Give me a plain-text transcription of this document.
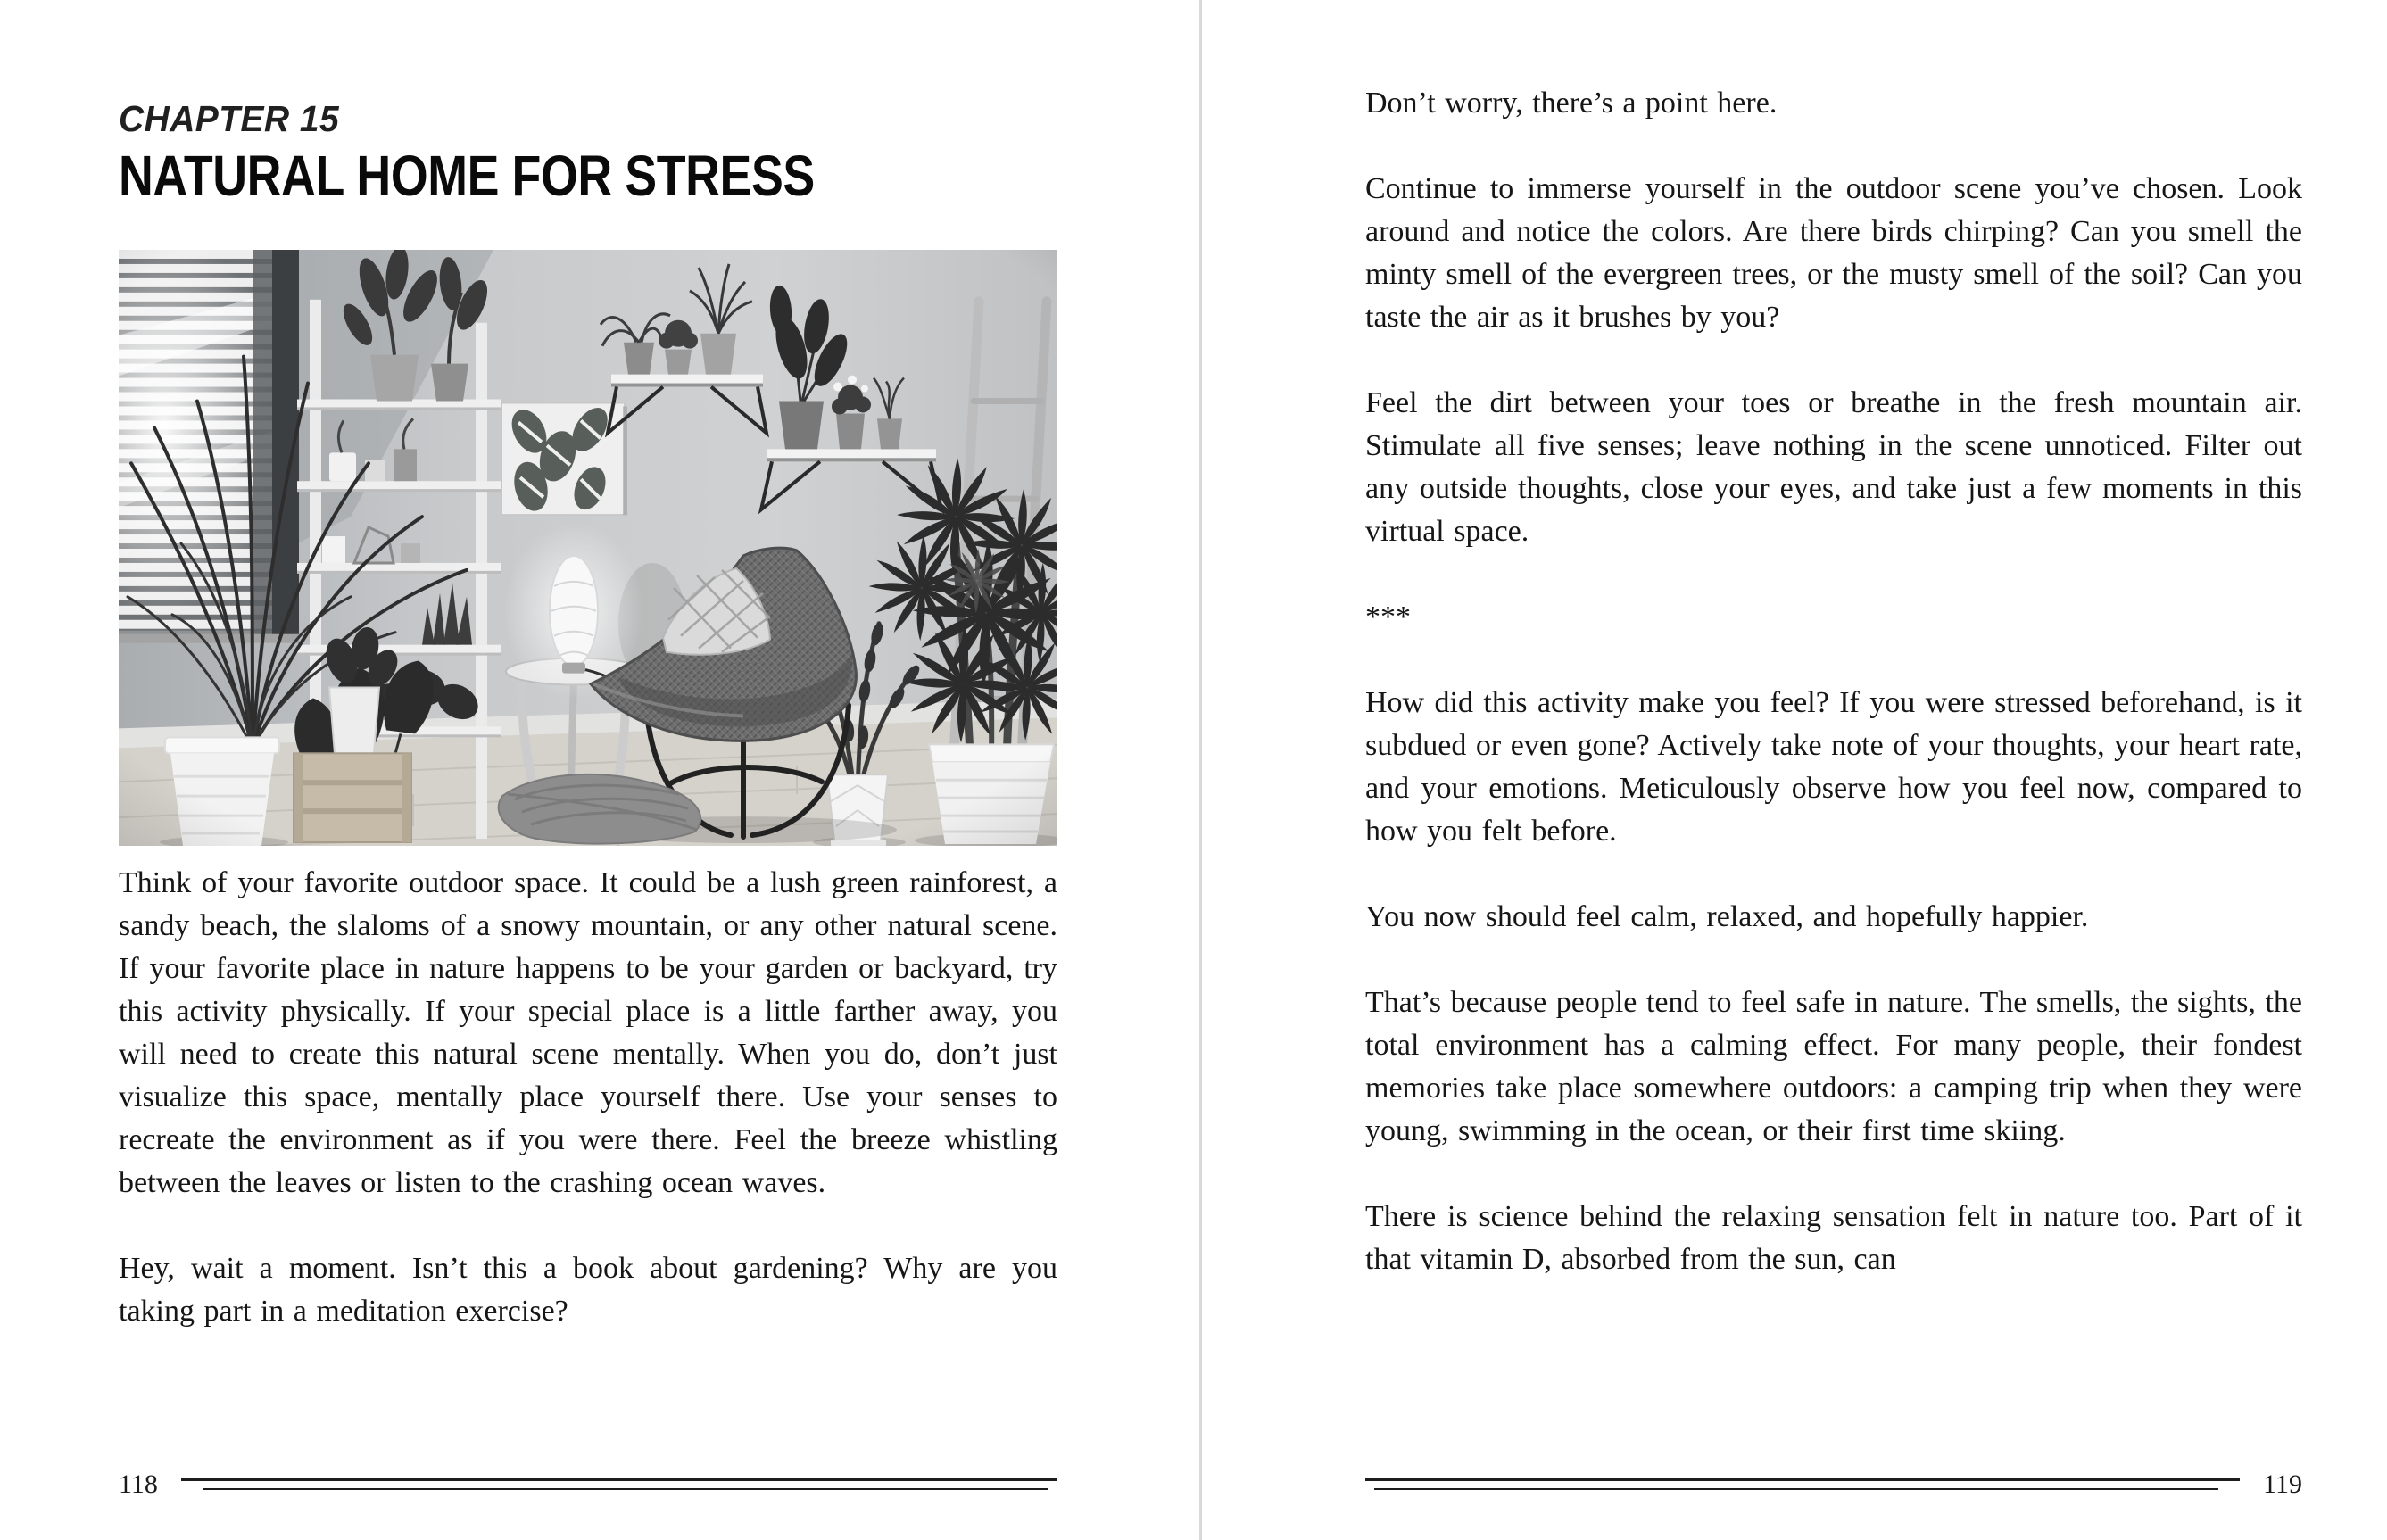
CHAPTER 15
NATURAL HOME FOR STRESS

Think of your favorite outdoor space. It could be a lush green rainforest, a sandy beach, the slaloms of a snowy mountain, or any other natural scene. If your favorite place in nature happens to be your garden or backyard, try this activity physically. If your special place is a little farther away, you will need to create this natural scene mentally. When you do, don’t just visualize this space, mentally place yourself there. Use your senses to recreate the environment as if you were there. Feel the breeze whistling between the leaves or listen to the crashing ocean waves.

Hey, wait a moment. Isn’t this a book about gardening? Why are you taking part in a meditation exercise?

118

Don’t worry, there’s a point here.

Continue to immerse yourself in the outdoor scene you’ve chosen. Look around and notice the colors. Are there birds chirping? Can you smell the minty smell of the evergreen trees, or the musty smell of the soil? Can you taste the air as it brushes by you?

Feel the dirt between your toes or breathe in the fresh mountain air. Stimulate all five senses; leave nothing in the scene unnoticed. Filter out any outside thoughts, close your eyes, and take just a few moments in this virtual space.

***

How did this activity make you feel? If you were stressed beforehand, is it subdued or even gone? Actively take note of your thoughts, your heart rate, and your emotions. Meticulously observe how you feel now, compared to how you felt before.

You now should feel calm, relaxed, and hopefully happier.

That’s because people tend to feel safe in nature. The smells, the sights, the total environment has a calming effect. For many people, their fondest memories take place somewhere outdoors: a camping trip when they were young, swimming in the ocean, or their first time skiing.

There is science behind the relaxing sensation felt in nature too. Part of it that vitamin D, absorbed from the sun, can

119
